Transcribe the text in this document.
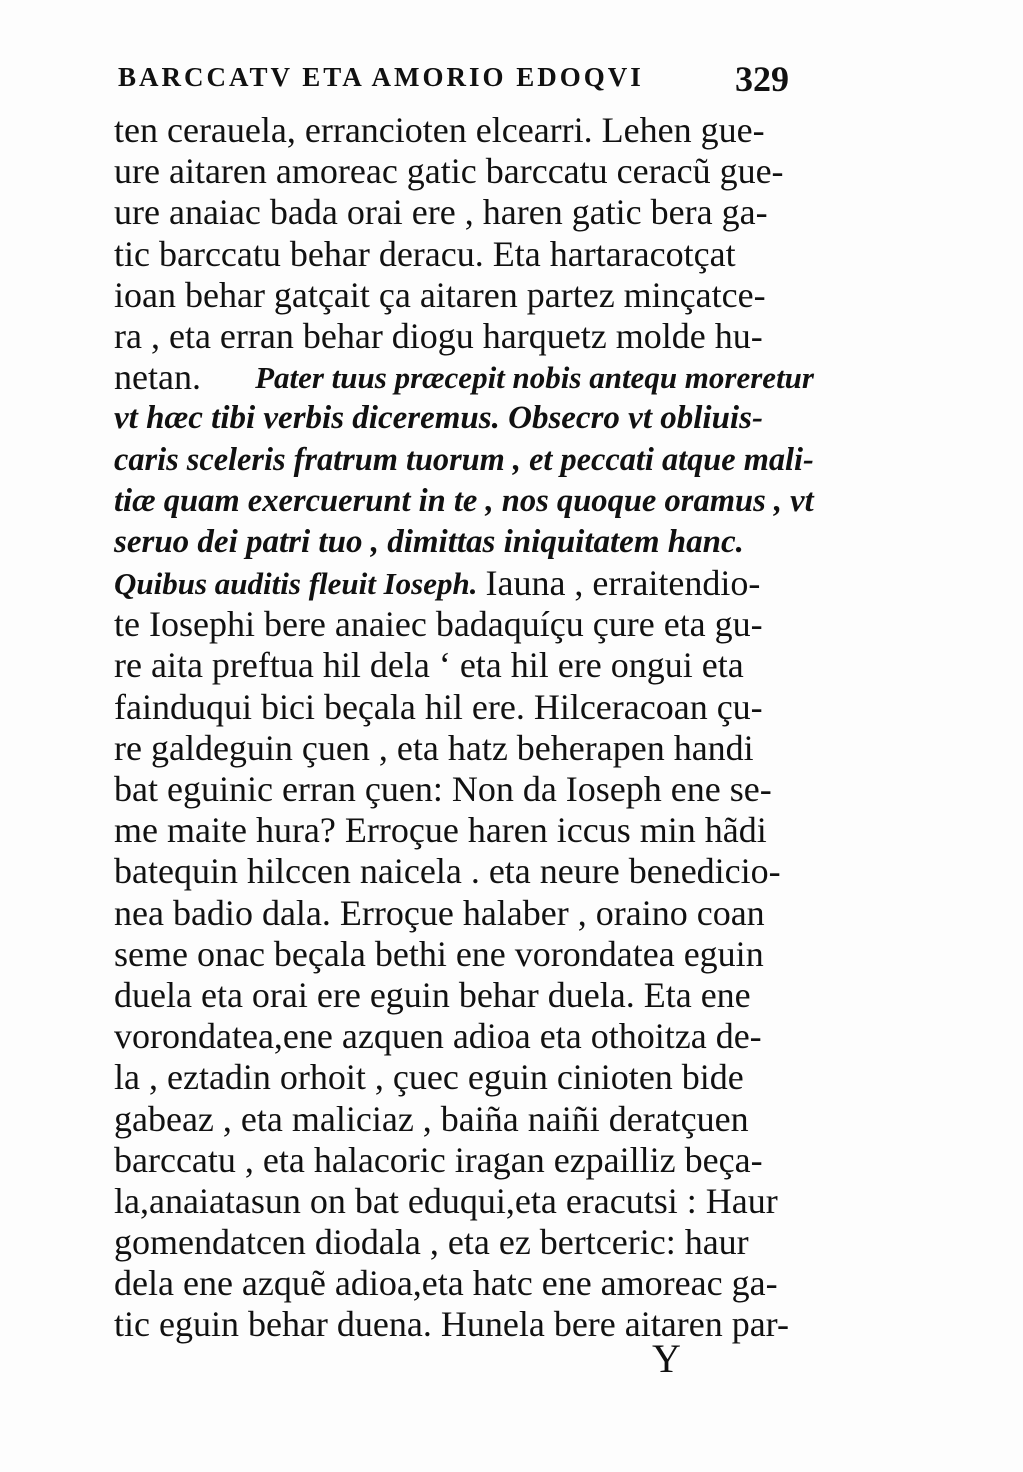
BARCCATV ETA AMORIO EDOQVI	329
ten cerauela, errancioten elcearri. Lehen gue-
ure aitaren amoreac gatic barccatu ceracũ gue-
ure anaiac bada orai ere , haren gatic bera ga-
tic barccatu behar deracu. Eta hartaracotçat
ioan behar gatçait ça aitaren partez minçatce-
ra , eta erran behar diogu harquetz molde hu-
netan. Pater tuus præcepit nobis antequ moreretur
vt hæc tibi verbis diceremus. Obsecro vt obliuis-
caris sceleris fratrum tuorum , et peccati atque mali-
tiæ quam exercuerunt in te , nos quoque oramus , vt
seruo dei patri tuo , dimittas iniquitatem hanc.
Quibus auditis fleuit Ioseph. Iauna , erraitendio-
te Iosephi bere anaiec badaquíçu çure eta gu-
re aita preftua hil dela ‘ eta hil ere ongui eta
fainduqui bici beçala hil ere. Hilceracoan çu-
re galdeguin çuen , eta hatz beherapen handi
bat eguinic erran çuen: Non da Ioseph ene se-
me maite hura? Erroçue haren iccus min hãdi
batequin hilccen naicela . eta neure benedicio-
nea badio dala. Erroçue halaber , oraino coan
seme onac beçala bethi ene vorondatea eguin
duela eta orai ere eguin behar duela. Eta ene
vorondatea,ene azquen adioa eta othoitza de-
la , eztadin orhoit , çuec eguin cinioten bide
gabeaz , eta maliciaz , baiña naiñi deratçuen
barccatu , eta halacoric iragan ezpailliz beça-
la,anaiatasun on bat eduqui,eta eracutsi : Haur
gomendatcen diodala , eta ez bertceric: haur
dela ene azquẽ adioa,eta hatc ene amoreac ga-
tic eguin behar duena. Hunela bere aitaren par-
Y
